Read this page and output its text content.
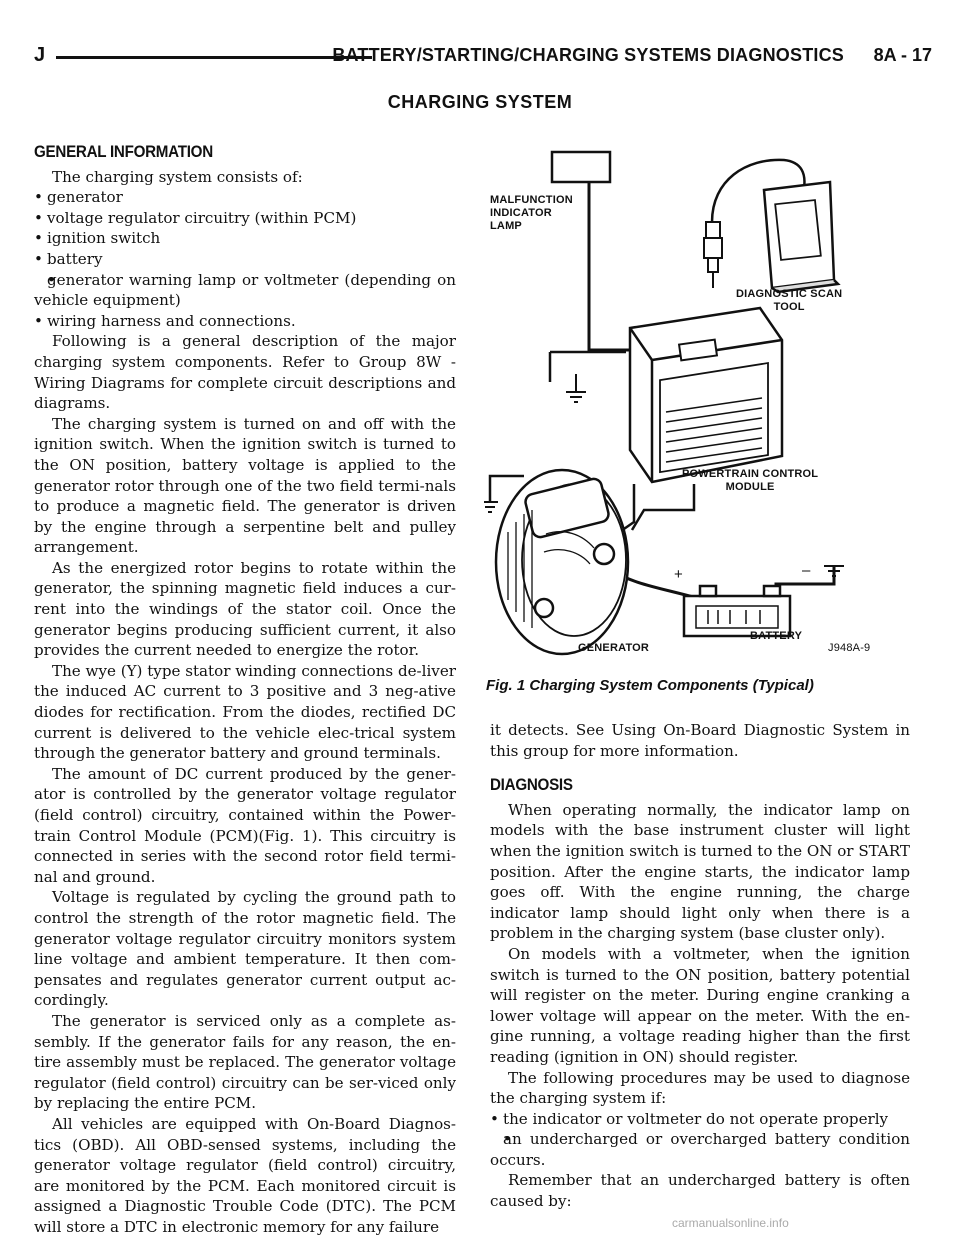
J	BATTERY/STARTING/CHARGING SYSTEMS DIAGNOSTICS 8A - 17
CHARGING SYSTEM
GENERAL INFORMATION

The charging system consists of:

• generator
• voltage regulator circuitry (within PCM)
• ignition switch
• battery
• generator warning lamp or voltmeter (depending on vehicle equipment)
• wiring harness and connections.

Following is a general description of the major charging system components. Refer to Group 8W - Wiring Diagrams for complete circuit descriptions and diagrams.

The charging system is turned on and off with the ignition switch. When the ignition switch is turned to the ON position, battery voltage is applied to the generator rotor through one of the two field termi-nals to produce a magnetic field. The generator is driven by the engine through a serpentine belt and pulley arrangement.

As the energized rotor begins to rotate within the generator, the spinning magnetic field induces a cur-rent into the windings of the stator coil. Once the generator begins producing sufficient current, it also provides the current needed to energize the rotor.

The wye (Y) type stator winding connections de-liver the induced AC current to 3 positive and 3 neg-ative diodes for rectification. From the diodes, rectified DC current is delivered to the vehicle elec-trical system through the generator battery and ground terminals.

The amount of DC current produced by the gener-ator is controlled by the generator voltage regulator (field control) circuitry, contained within the Power-train Control Module (PCM)(Fig. 1). This circuitry is connected in series with the second rotor field termi-nal and ground.

Voltage is regulated by cycling the ground path to control the strength of the rotor magnetic field. The generator voltage regulator circuitry monitors system line voltage and ambient temperature. It then com-pensates and regulates generator current output ac-cordingly.

The generator is serviced only as a complete as-sembly. If the generator fails for any reason, the en-tire assembly must be replaced. The generator voltage regulator (field control) circuitry can be ser-viced only by replacing the entire PCM.

All vehicles are equipped with On-Board Diagnos-tics (OBD). All OBD-sensed systems, including the generator voltage regulator (field control) circuitry, are monitored by the PCM. Each monitored circuit is assigned a Diagnostic Trouble Code (DTC). The PCM will store a DTC in electronic memory for any failure

MALFUNCTION
INDICATOR
LAMP
DIAGNOSTIC SCAN
TOOL
POWERTRAIN CONTROL
MODULE
GENERATOR
BATTERY
+	–
J948A-9
Fig. 1 Charging System Components (Typical)

it detects. See Using On-Board Diagnostic System in this group for more information.

DIAGNOSIS

When operating normally, the indicator lamp on models with the base instrument cluster will light when the ignition switch is turned to the ON or START position. After the engine starts, the indicator lamp goes off. With the engine running, the charge indicator lamp should light only when there is a problem in the charging system (base cluster only).

On models with a voltmeter, when the ignition switch is turned to the ON position, battery potential will register on the meter. During engine cranking a lower voltage will appear on the meter. With the en-gine running, a voltage reading higher than the first reading (ignition in ON) should register.

The following procedures may be used to diagnose the charging system if:

• the indicator or voltmeter do not operate properly
• an undercharged or overcharged battery condition occurs.

Remember that an undercharged battery is often caused by:

carmanualsonline.info
